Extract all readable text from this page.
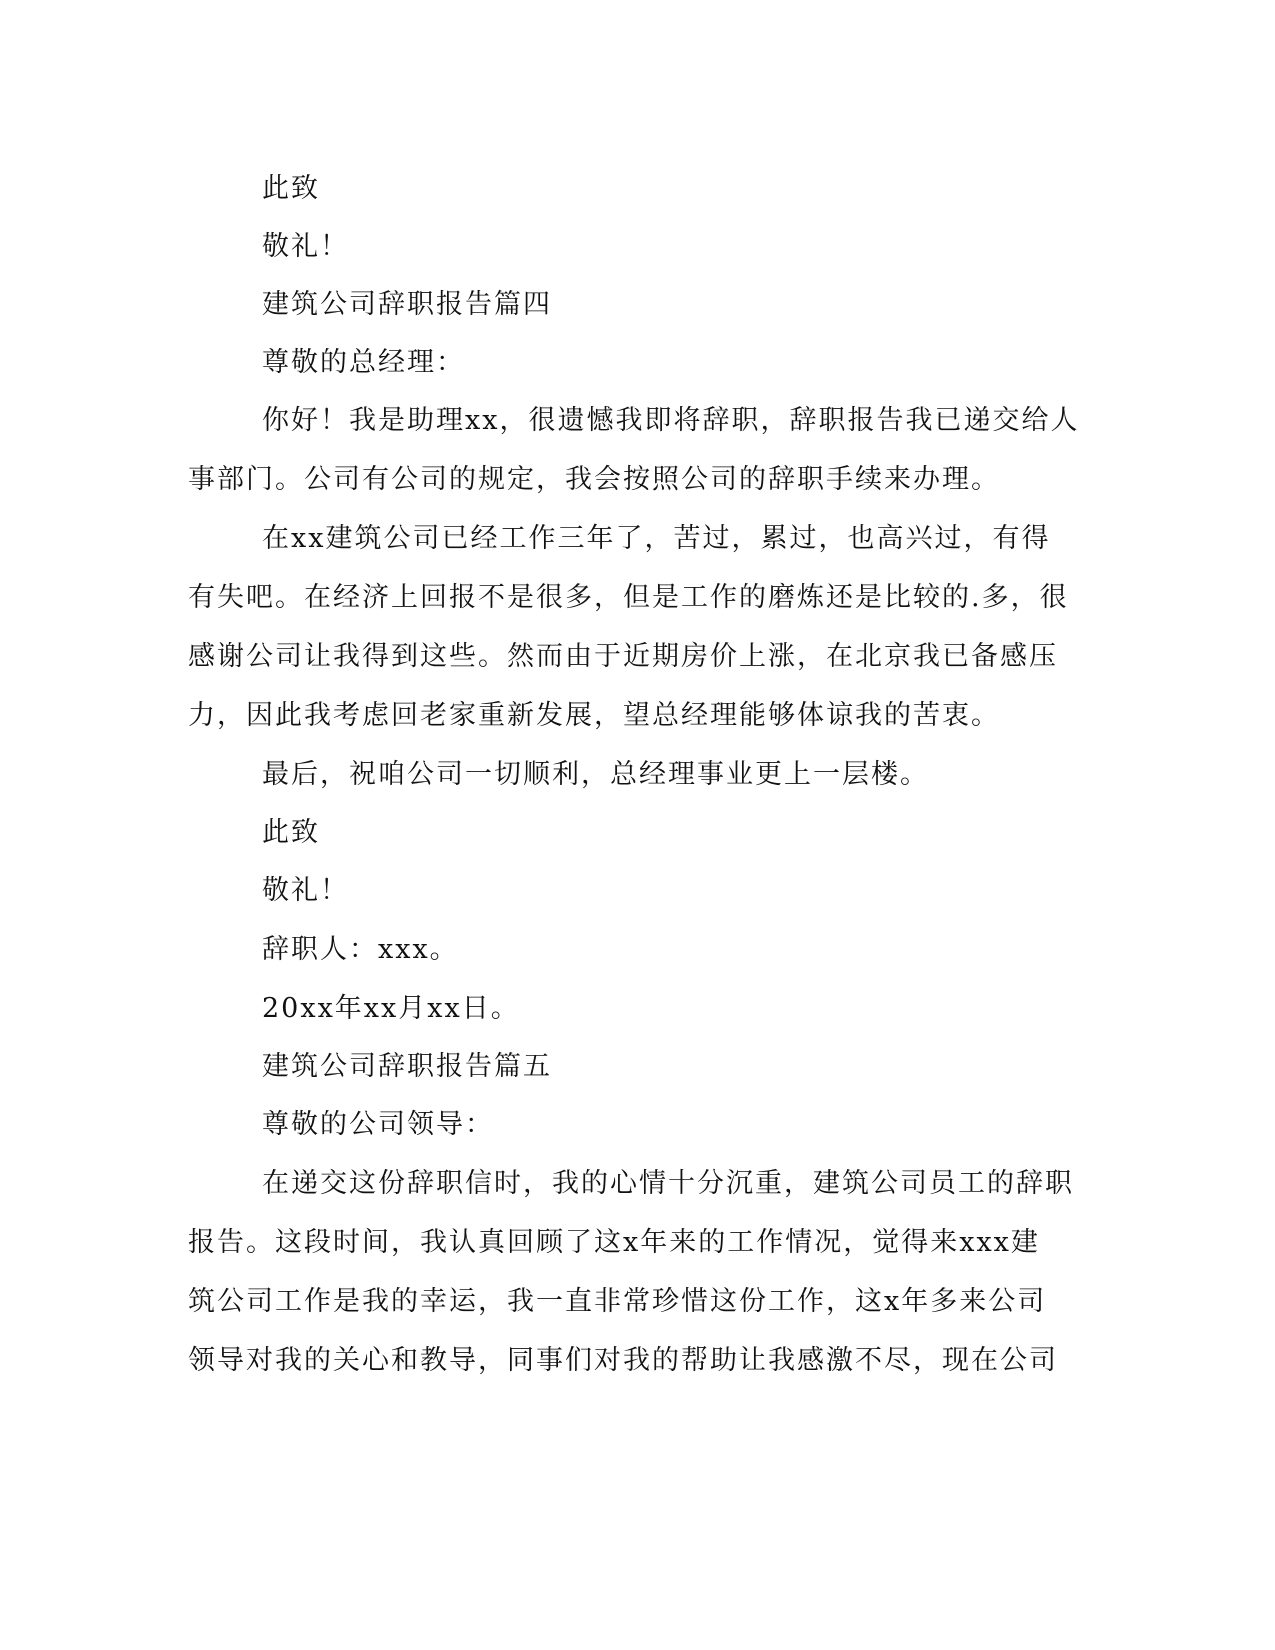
此致
敬礼！
建筑公司辞职报告篇四
尊敬的总经理：
你好！我是助理xx，很遗憾我即将辞职，辞职报告我已递交给人
事部门。公司有公司的规定，我会按照公司的辞职手续来办理。
在xx建筑公司已经工作三年了，苦过，累过，也高兴过，有得
有失吧。在经济上回报不是很多，但是工作的磨炼还是比较的.多，很
感谢公司让我得到这些。然而由于近期房价上涨，在北京我已备感压
力，因此我考虑回老家重新发展，望总经理能够体谅我的苦衷。
最后，祝咱公司一切顺利，总经理事业更上一层楼。
此致
敬礼！
辞职人：xxx。
20xx年xx月xx日。
建筑公司辞职报告篇五
尊敬的公司领导：
在递交这份辞职信时，我的心情十分沉重，建筑公司员工的辞职
报告。这段时间，我认真回顾了这x年来的工作情况，觉得来xxx建
筑公司工作是我的幸运，我一直非常珍惜这份工作，这x年多来公司
领导对我的关心和教导，同事们对我的帮助让我感激不尽，现在公司
